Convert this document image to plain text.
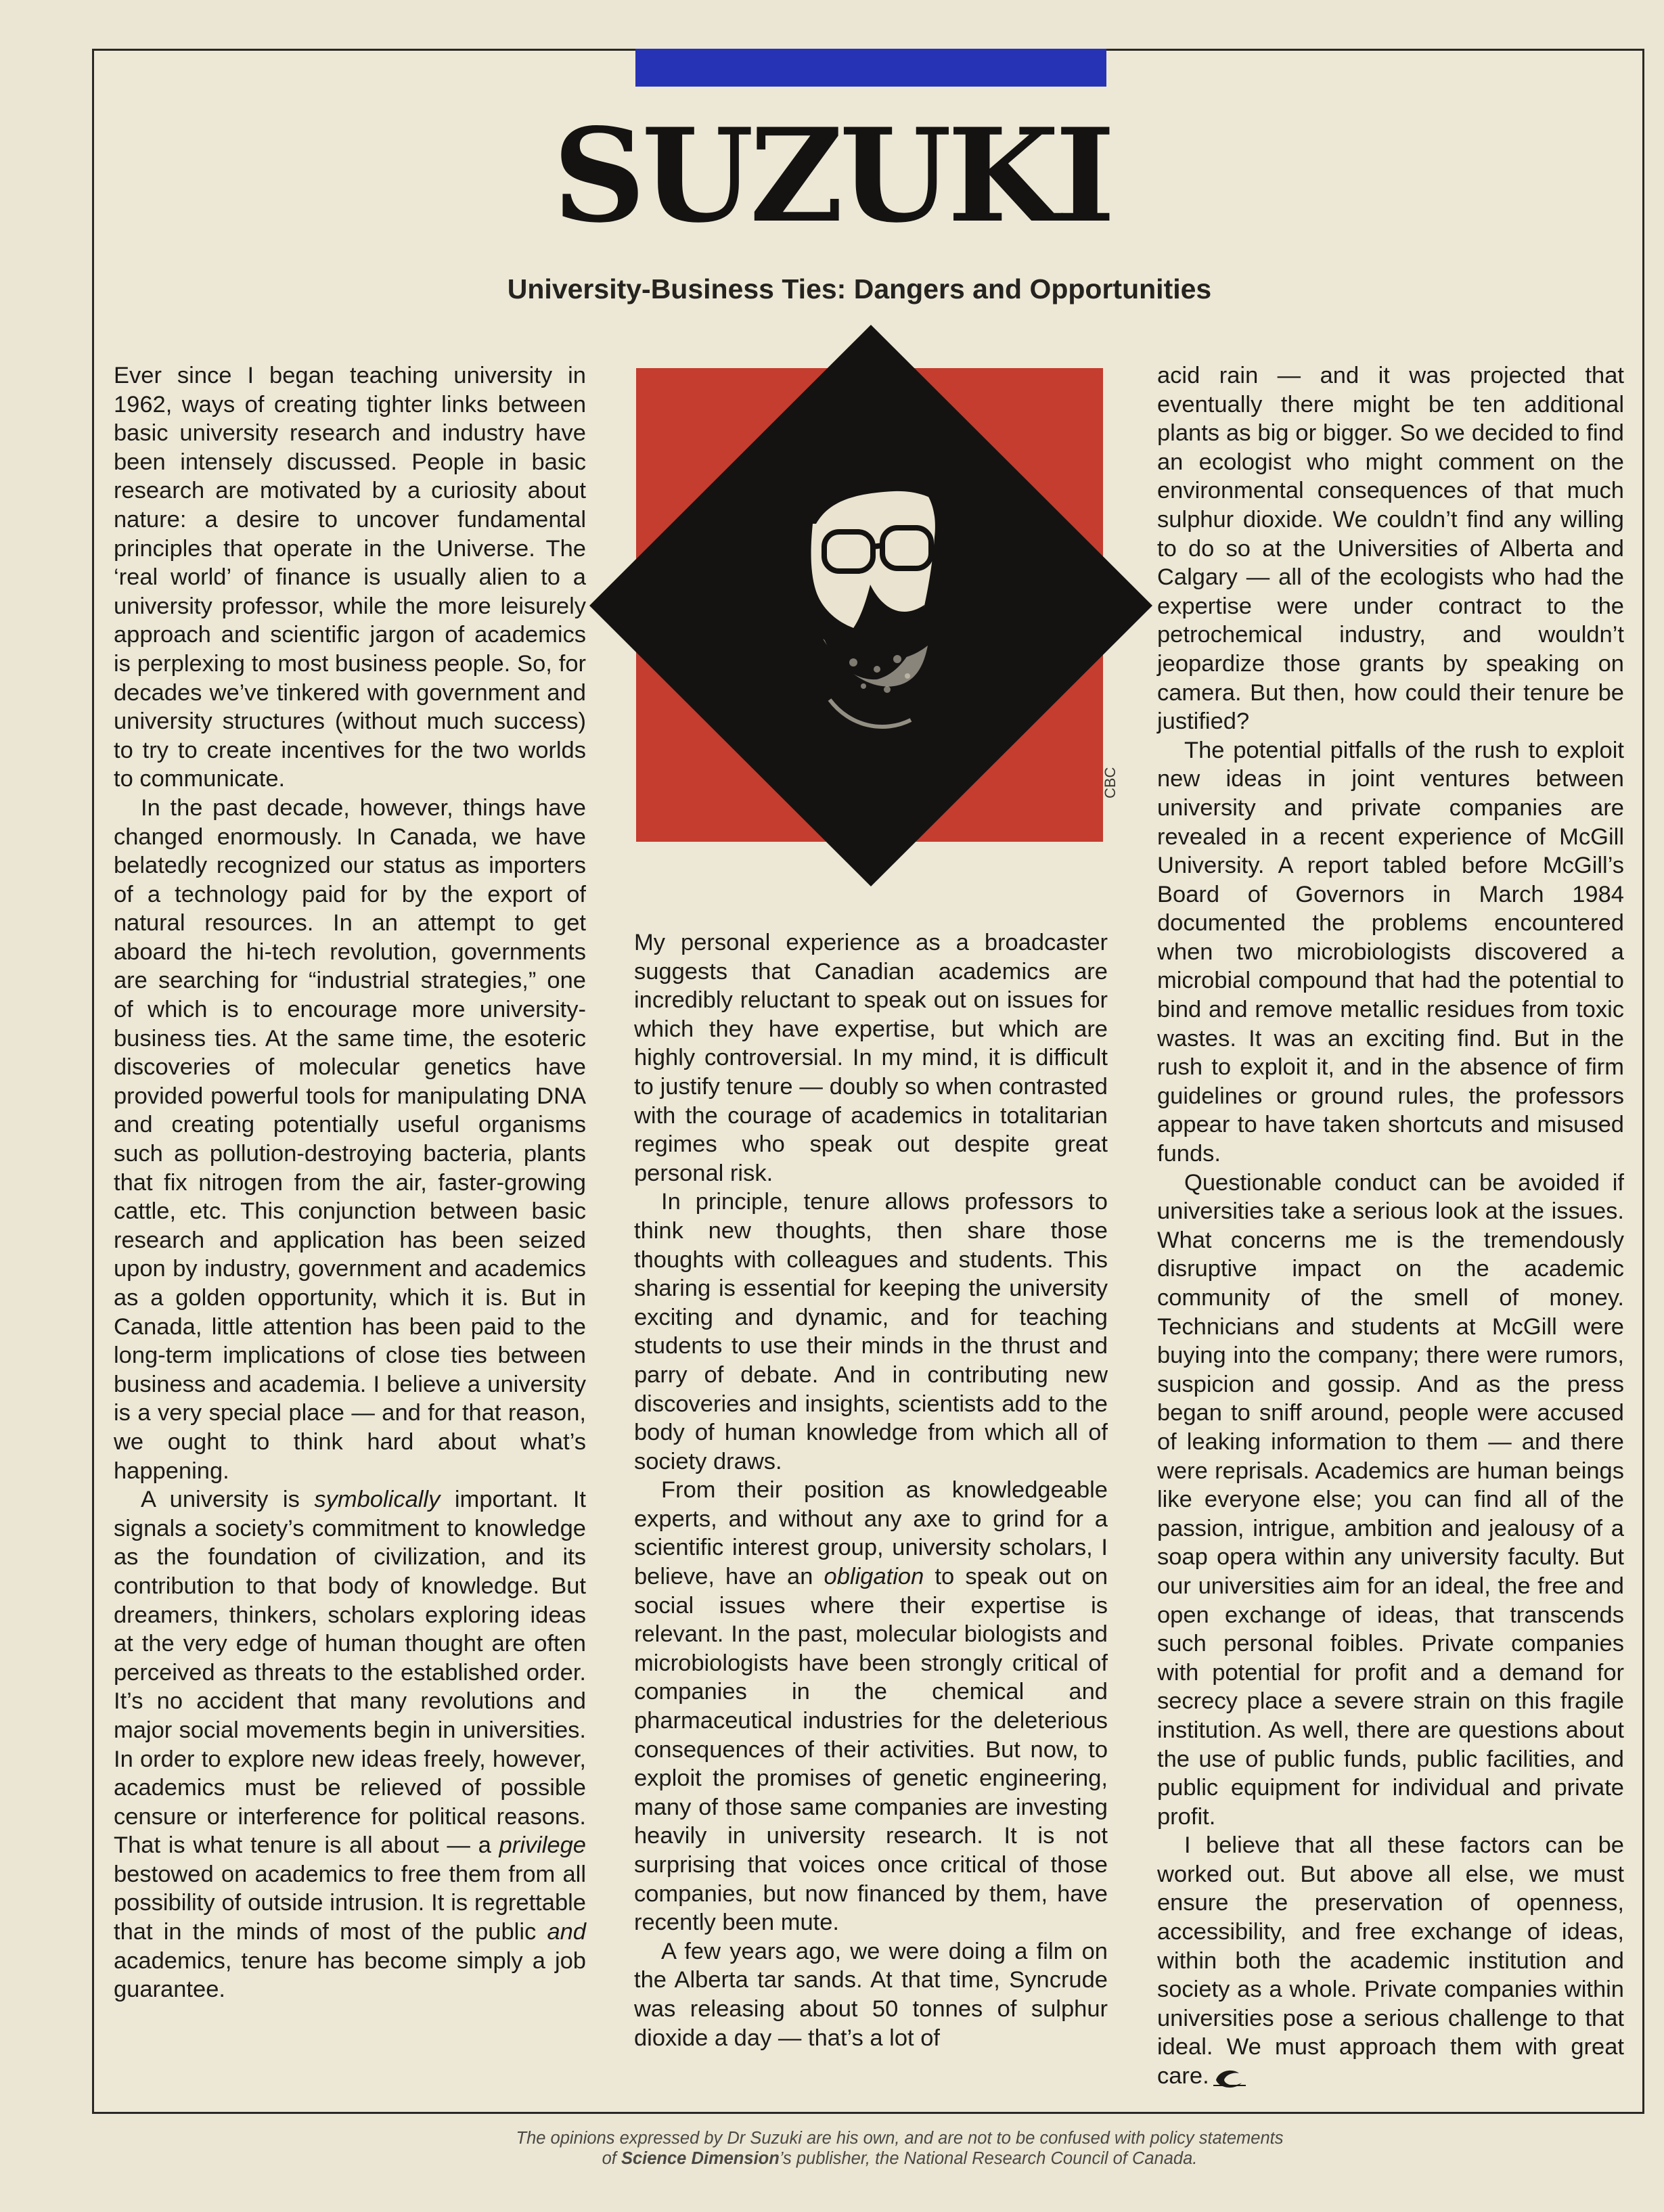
SUZUKI
University-Business Ties: Dangers and Opportunities
CBC

Ever since I began teaching university in 1962, ways of creating tighter links between basic university research and industry have been intensely discussed. People in basic research are motivated by a curiosity about nature: a desire to uncover fundamental principles that operate in the Universe. The ‘real world’ of finance is usually alien to a university professor, while the more leisurely approach and scientific jargon of academics is perplexing to most business people. So, for decades we’ve tinkered with government and university structures (without much success) to try to create incentives for the two worlds to communicate.

In the past decade, however, things have changed enormously. In Canada, we have belatedly recognized our status as importers of a technology paid for by the export of natural resources. In an attempt to get aboard the hi-tech revolution, governments are searching for “industrial strategies,” one of which is to encourage more university-business ties. At the same time, the esoteric discoveries of molecular genetics have provided powerful tools for manipulating DNA and creating potentially useful organisms such as pollution-destroying bacteria, plants that fix nitrogen from the air, faster-growing cattle, etc. This conjunction between basic research and application has been seized upon by industry, government and academics as a golden opportunity, which it is. But in Canada, little attention has been paid to the long-term implications of close ties between business and academia. I believe a university is a very special place — and for that reason, we ought to think hard about what’s happening.

A university is symbolically important. It signals a society’s commitment to knowledge as the foundation of civilization, and its contribution to that body of knowledge. But dreamers, thinkers, scholars exploring ideas at the very edge of human thought are often perceived as threats to the established order. It’s no accident that many revolutions and major social movements begin in universities. In order to explore new ideas freely, however, academics must be relieved of possible censure or interference for political reasons. That is what tenure is all about — a privilege bestowed on academics to free them from all possibility of outside intrusion. It is regrettable that in the minds of most of the public and academics, tenure has become simply a job guarantee.

My personal experience as a broadcaster suggests that Canadian academics are incredibly reluctant to speak out on issues for which they have expertise, but which are highly controversial. In my mind, it is difficult to justify tenure — doubly so when contrasted with the courage of academics in totalitarian regimes who speak out despite great personal risk.

In principle, tenure allows professors to think new thoughts, then share those thoughts with colleagues and students. This sharing is essential for keeping the university exciting and dynamic, and for teaching students to use their minds in the thrust and parry of debate. And in contributing new discoveries and insights, scientists add to the body of human knowledge from which all of society draws.

From their position as knowledgeable experts, and without any axe to grind for a scientific interest group, university scholars, I believe, have an obligation to speak out on social issues where their expertise is relevant. In the past, molecular biologists and microbiologists have been strongly critical of companies in the chemical and pharmaceutical industries for the deleterious consequences of their activities. But now, to exploit the promises of genetic engineering, many of those same companies are investing heavily in university research. It is not surprising that voices once critical of those companies, but now financed by them, have recently been mute.

A few years ago, we were doing a film on the Alberta tar sands. At that time, Syncrude was releasing about 50 tonnes of sulphur dioxide a day — that’s a lot of

acid rain — and it was projected that eventually there might be ten additional plants as big or bigger. So we decided to find an ecologist who might comment on the environmental consequences of that much sulphur dioxide. We couldn’t find any willing to do so at the Universities of Alberta and Calgary — all of the ecologists who had the expertise were under contract to the petrochemical industry, and wouldn’t jeopardize those grants by speaking on camera. But then, how could their tenure be justified?

The potential pitfalls of the rush to exploit new ideas in joint ventures between university and private companies are revealed in a recent experience of McGill University. A report tabled before McGill’s Board of Governors in March 1984 documented the problems encountered when two microbiologists discovered a microbial compound that had the potential to bind and remove metallic residues from toxic wastes. It was an exciting find. But in the rush to exploit it, and in the absence of firm guidelines or ground rules, the professors appear to have taken shortcuts and misused funds.

Questionable conduct can be avoided if universities take a serious look at the issues. What concerns me is the tremendously disruptive impact on the academic community of the smell of money. Technicians and students at McGill were buying into the company; there were rumors, suspicion and gossip. And as the press began to sniff around, people were accused of leaking information to them — and there were reprisals. Academics are human beings like everyone else; you can find all of the passion, intrigue, ambition and jealousy of a soap opera within any university faculty. But our universities aim for an ideal, the free and open exchange of ideas, that transcends such personal foibles. Private companies with potential for profit and a demand for secrecy place a severe strain on this fragile institution. As well, there are questions about the use of public funds, public facilities, and public equipment for individual and private profit.

I believe that all these factors can be worked out. But above all else, we must ensure the preservation of openness, accessibility, and free exchange of ideas, within both the academic institution and society as a whole. Private companies within universities pose a serious challenge to that ideal. We must approach them with great care.

The opinions expressed by Dr Suzuki are his own, and are not to be confused with policy statements
of Science Dimension’s publisher, the National Research Council of Canada.
